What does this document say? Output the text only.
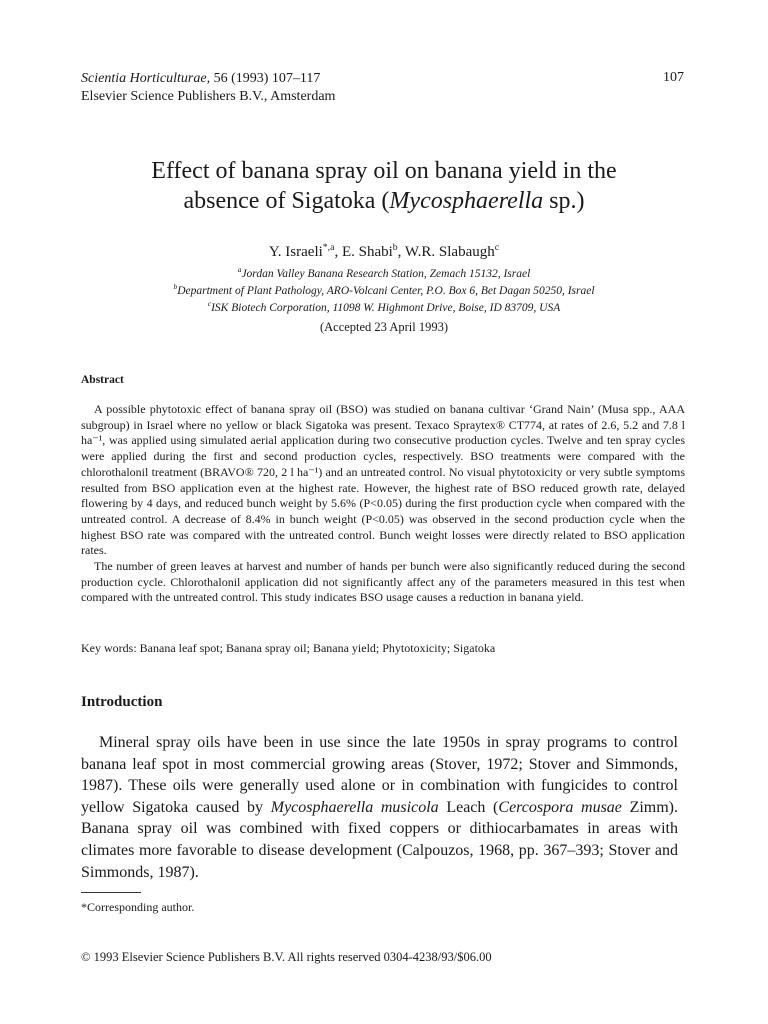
Scientia Horticulturae, 56 (1993) 107–117
Elsevier Science Publishers B.V., Amsterdam
107
Effect of banana spray oil on banana yield in the
absence of Sigatoka (Mycosphaerella sp.)
Y. Israeli$^{*,a}$, E. Shabi$^b$, W.R. Slabaugh$^c$
$^a$Jordan Valley Banana Research Station, Zemach 15132, Israel
$^b$Department of Plant Pathology, ARO-Volcani Center, P.O. Box 6, Bet Dagan 50250, Israel
$^c$ISK Biotech Corporation, 11098 W. Highmont Drive, Boise, ID 83709, USA
(Accepted 23 April 1993)
Abstract

A possible phytotoxic effect of banana spray oil (BSO) was studied on banana cultivar ‘Grand Nain’ (Musa spp., AAA subgroup) in Israel where no yellow or black Sigatoka was present. Texaco Spraytex® CT774, at rates of 2.6, 5.2 and 7.8 l ha⁻¹, was applied using simulated aerial application during two consecutive production cycles. Twelve and ten spray cycles were applied during the first and second production cycles, respectively. BSO treatments were compared with the chlorothalonil treatment (BRAVO® 720, 2 l ha⁻¹) and an untreated control. No visual phytotoxicity or very subtle symptoms resulted from BSO application even at the highest rate. However, the highest rate of BSO reduced growth rate, delayed flowering by 4 days, and reduced bunch weight by 5.6% (P<0.05) during the first production cycle when compared with the untreated control. A decrease of 8.4% in bunch weight (P<0.05) was observed in the second production cycle when the highest BSO rate was compared with the untreated control. Bunch weight losses were directly related to BSO application rates.

The number of green leaves at harvest and number of hands per bunch were also significantly reduced during the second production cycle. Chlorothalonil application did not significantly affect any of the parameters measured in this test when compared with the untreated control. This study indicates BSO usage causes a reduction in banana yield.

Key words: Banana leaf spot; Banana spray oil; Banana yield; Phytotoxicity; Sigatoka
Introduction

Mineral spray oils have been in use since the late 1950s in spray programs to control banana leaf spot in most commercial growing areas (Stover, 1972; Stover and Simmonds, 1987). These oils were generally used alone or in combination with fungicides to control yellow Sigatoka caused by Mycosphaerella musicola Leach (Cercospora musae Zimm). Banana spray oil was combined with fixed coppers or dithiocarbamates in areas with climates more favorable to disease development (Calpouzos, 1968, pp. 367–393; Stover and Simmonds, 1987).

*Corresponding author.
© 1993 Elsevier Science Publishers B.V. All rights reserved 0304-4238/93/$06.00
